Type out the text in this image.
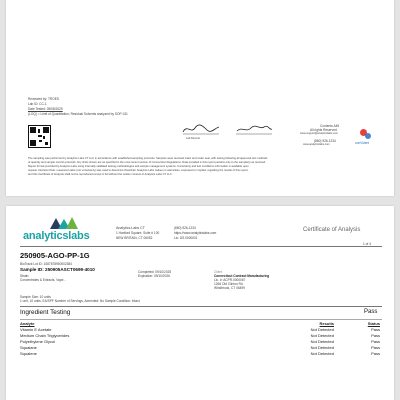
Reviewed by: TROES
Lab ID: CC-1
Date Tested: 09/08/2025
(LOQ) = Limit of Quantitation; Residual Solvents analyzed by SOP-011
Lab Director
Contents A45
All rights Reserved
www.support@analyticslabs.com
(860) 926-1234
www.analyticslabs.com	conVident
The sampling was performed by Analytics Labs CT LLC in accordance with established sampling protocols. Samples were received intact and under seal, with testing following all approved test methods
of quantity and sample control protocols. Any limits shown are as specified in the most recent version of Connecticut Regulations. Data provided in this report pertains only to the sample(s) as received.
Report format provided by Analytics Labs using internally validated testing methodologies and sample management systems. Uncertainty and test conditions information is available upon
request. Decision Rule: measured value (not uncertainty) was used to determine Pass/Fail. Analytics Labs makes no warranties, expressed or implied, regarding the results of this report,
and this Certificate of Analysis shall not be reproduced except in full without the written consent of Analytics Labs CT LLC.
analyticslabs
Analytics Labs CT
1 Hartford Square, Suite # 100
NEW BRITAIN, CT 06052
(860) 926-1234
https://www.analyticslabs.com
Lic: DS.0000001
Certificate of Analysis
1 of 4
250905-AGO-PP-1G
BioTrack Lot ID: 1087878950002384
Sample ID: 250905ASCT0699-4010
Strain:
Concentrates & Extracts, Vape...
Completed: 09/10/2025
Expiration: 09/10/2026
Client
Connecticut Contract Manufacturing
Lic. #: ACPR.0000067
1266 Old Clinton Rd
Windbrook, CT 06499
Sample Size: 10 units
1 unit, 10 units, EA/SPF Number of Servings, Amended: No Sample Condition: Intact
Ingredient Testing	Pass
Analyte	Results	Status
Vitamin E Acetate	Not Detected	Pass
Medium Chain Triglycerides	Not Detected	Pass
Polyethylene Glycol	Not Detected	Pass
Squalane	Not Detected	Pass
Squalene	Not Detected	Pass
